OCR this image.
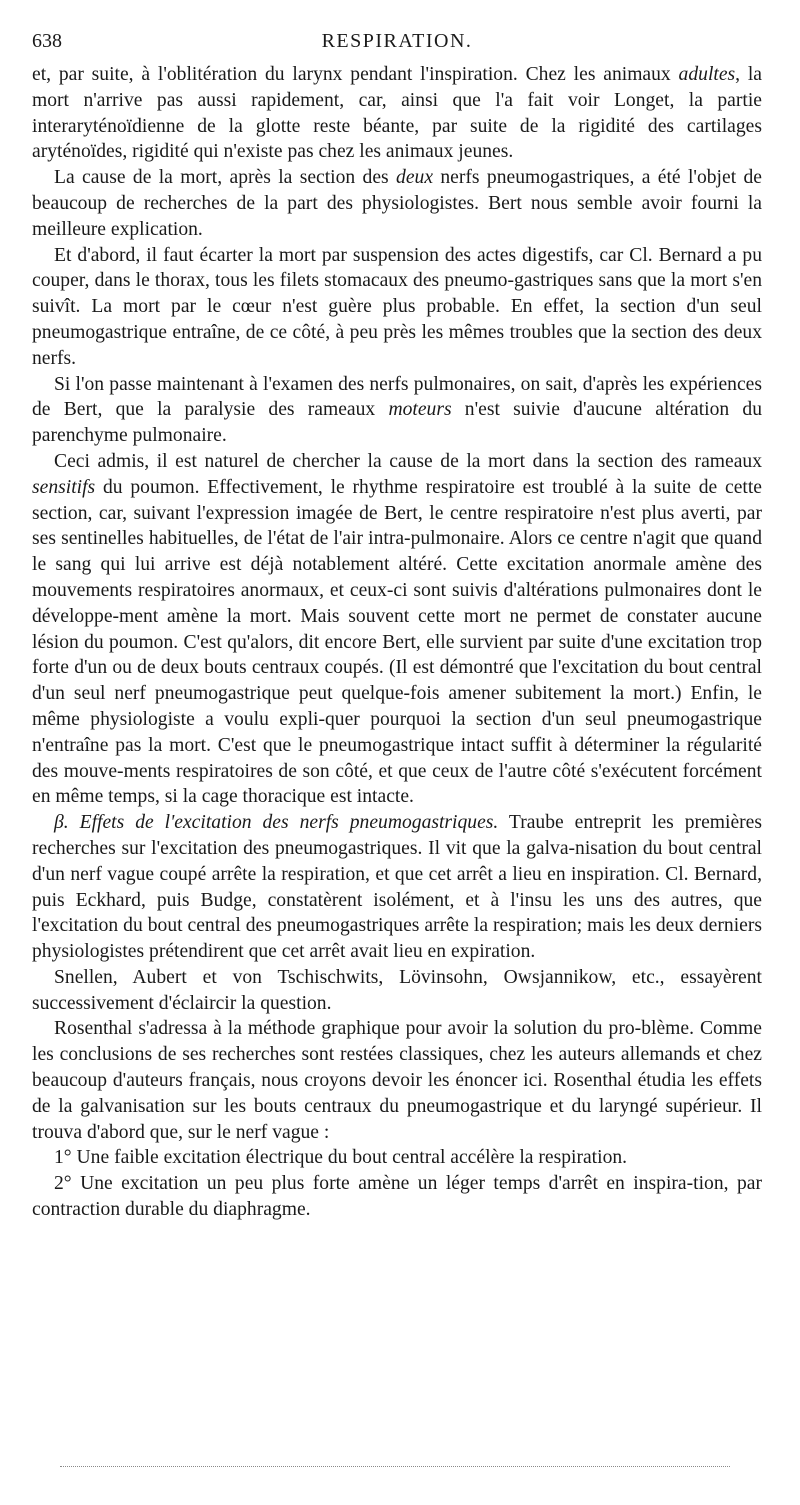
638	RESPIRATION.

et, par suite, à l'oblitération du larynx pendant l'inspiration. Chez les animaux adultes, la mort n'arrive pas aussi rapidement, car, ainsi que l'a fait voir Longet, la partie interaryténoïdienne de la glotte reste béante, par suite de la rigidité des cartilages aryténoïdes, rigidité qui n'existe pas chez les animaux jeunes.

La cause de la mort, après la section des deux nerfs pneumogastriques, a été l'objet de beaucoup de recherches de la part des physiologistes. Bert nous semble avoir fourni la meilleure explication.

Et d'abord, il faut écarter la mort par suspension des actes digestifs, car Cl. Bernard a pu couper, dans le thorax, tous les filets stomacaux des pneumo-gastriques sans que la mort s'en suivît. La mort par le cœur n'est guère plus probable. En effet, la section d'un seul pneumogastrique entraîne, de ce côté, à peu près les mêmes troubles que la section des deux nerfs.

Si l'on passe maintenant à l'examen des nerfs pulmonaires, on sait, d'après les expériences de Bert, que la paralysie des rameaux moteurs n'est suivie d'aucune altération du parenchyme pulmonaire.

Ceci admis, il est naturel de chercher la cause de la mort dans la section des rameaux sensitifs du poumon. Effectivement, le rhythme respiratoire est troublé à la suite de cette section, car, suivant l'expression imagée de Bert, le centre respiratoire n'est plus averti, par ses sentinelles habituelles, de l'état de l'air intra-pulmonaire. Alors ce centre n'agit que quand le sang qui lui arrive est déjà notablement altéré. Cette excitation anormale amène des mouvements respiratoires anormaux, et ceux-ci sont suivis d'altérations pulmonaires dont le développe-ment amène la mort. Mais souvent cette mort ne permet de constater aucune lésion du poumon. C'est qu'alors, dit encore Bert, elle survient par suite d'une excitation trop forte d'un ou de deux bouts centraux coupés. (Il est démontré que l'excitation du bout central d'un seul nerf pneumogastrique peut quelque-fois amener subitement la mort.) Enfin, le même physiologiste a voulu expli-quer pourquoi la section d'un seul pneumogastrique n'entraîne pas la mort. C'est que le pneumogastrique intact suffit à déterminer la régularité des mouve-ments respiratoires de son côté, et que ceux de l'autre côté s'exécutent forcément en même temps, si la cage thoracique est intacte.

β. Effets de l'excitation des nerfs pneumogastriques. Traube entreprit les premières recherches sur l'excitation des pneumogastriques. Il vit que la galva-nisation du bout central d'un nerf vague coupé arrête la respiration, et que cet arrêt a lieu en inspiration. Cl. Bernard, puis Eckhard, puis Budge, constatèrent isolément, et à l'insu les uns des autres, que l'excitation du bout central des pneumogastriques arrête la respiration; mais les deux derniers physiologistes prétendirent que cet arrêt avait lieu en expiration.

Snellen, Aubert et von Tschischwits, Lövinsohn, Owsjannikow, etc., essayèrent successivement d'éclaircir la question.

Rosenthal s'adressa à la méthode graphique pour avoir la solution du pro-blème. Comme les conclusions de ses recherches sont restées classiques, chez les auteurs allemands et chez beaucoup d'auteurs français, nous croyons devoir les énoncer ici. Rosenthal étudia les effets de la galvanisation sur les bouts centraux du pneumogastrique et du laryngé supérieur. Il trouva d'abord que, sur le nerf vague :

1° Une faible excitation électrique du bout central accélère la respiration.

2° Une excitation un peu plus forte amène un léger temps d'arrêt en inspira-tion, par contraction durable du diaphragme.
